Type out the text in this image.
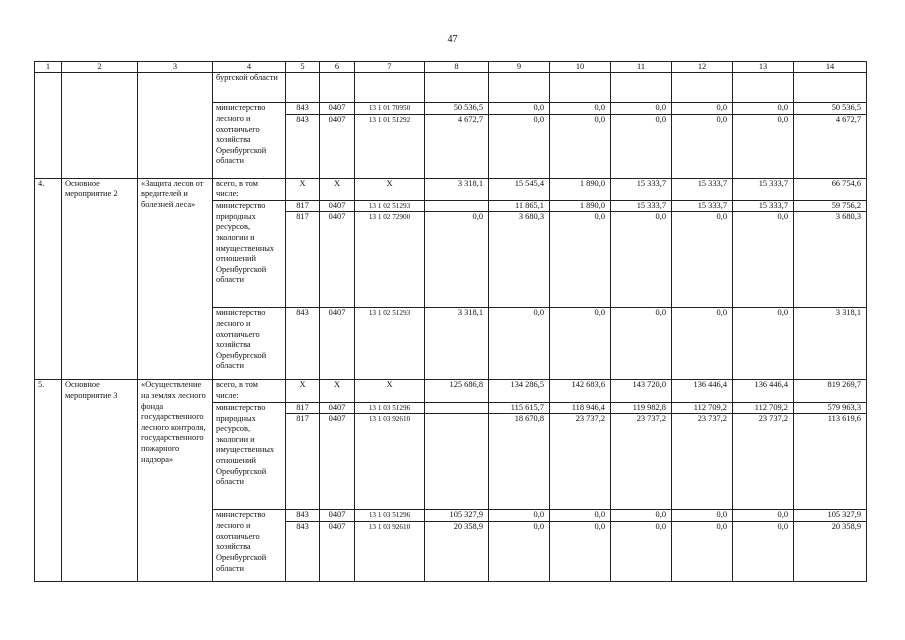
47
1	2	3	4	5	6	7	8	9	10	11	12	13	14
			бургской области										
			министерство	843	0407	13 1 01 70950	50 536,5	0,0	0,0	0,0	0,0	0,0	50 536,5
			лесного и охотничьего хозяйства Оренбургской области	843	0407	13 1 01 51292	4 672,7	0,0	0,0	0,0	0,0	0,0	4 672,7
4.	Основное мероприятие 2	«Защита лесов от вредителей и болезней леса»	всего, в том числе:	Х	Х	Х	3 318,1	15 545,4	1 890,0	15 333,7	15 333,7	15 333,7	66 754,6
			министерство	817	0407	13 1 02 51293		11 865,1	1 890,0	15 333,7	15 333,7	15 333,7	59 756,2
			природных ресурсов, экологии и имущественных отношений Оренбургской области	817	0407	13 1 02 72900	0,0	3 680,3	0,0	0,0	0,0	0,0	3 680,3
			министерство лесного и охотничьего хозяйства Оренбургской области	843	0407	13 1 02 51293	3 318,1	0,0	0,0	0,0	0,0	0,0	3 318,1
5.	Основное мероприятие 3	«Осуществление на землях лесного фонда государственного лесного контроля, государственного пожарного надзора»	всего, в том числе:	Х	Х	Х	125 686,8	134 286,5	142 683,6	143 720,0	136 446,4	136 446,4	819 269,7
			министерство	817	0407	13 1 03 51296		115 615,7	118 946,4	119 982,8	112 709,2	112 709,2	579 963,3
			природных ресурсов, экологии и имущественных отношений Оренбургской области	817	0407	13 1 03 92610		18 670,8	23 737,2	23 737,2	23 737,2	23 737,2	113 619,6
			министерство	843	0407	13 1 03 51296	105 327,9	0,0	0,0	0,0	0,0	0,0	105 327,9
			лесного и охотничьего хозяйства Оренбургской области	843	0407	13 1 03 92610	20 358,9	0,0	0,0	0,0	0,0	0,0	20 358,9
